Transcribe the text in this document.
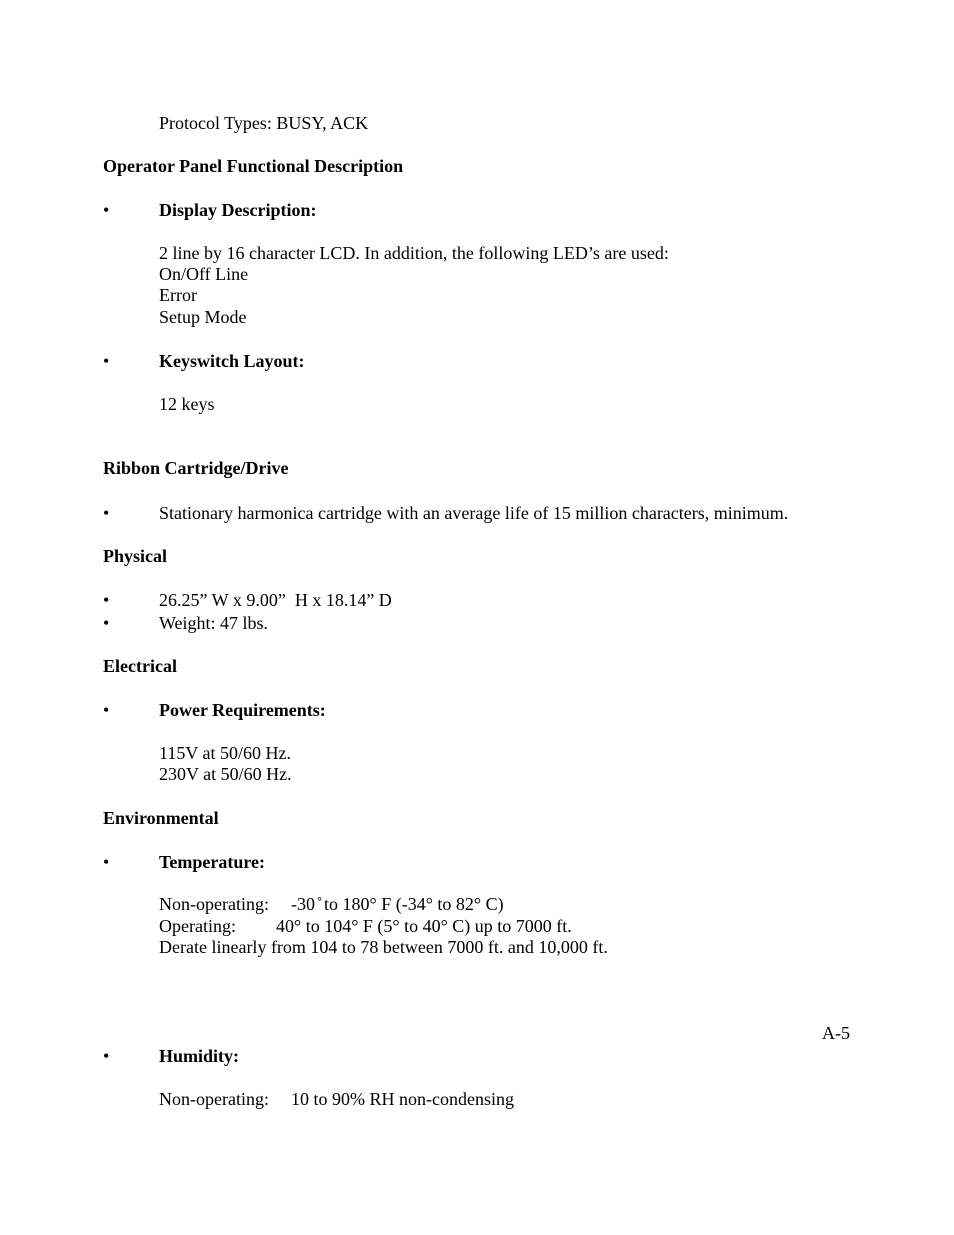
Protocol Types: BUSY, ACK
Operator Panel Functional Description
•	Display Description:
2 line by 16 character LCD. In addition, the following LED’s are used:
On/Off Line
Error
Setup Mode
•	Keyswitch Layout:
12 keys
Ribbon Cartridge/Drive
•	Stationary harmonica cartridge with an average life of 15 million characters, minimum.
Physical
•	26.25” W x 9.00”  H x 18.14” D
•	Weight: 47 lbs.
Electrical
•	Power Requirements:
115V at 50/60 Hz.
230V at 50/60 Hz.
Environmental
•	Temperature:
Non-operating: -30 ̊ to 180° F (-34° to 82° C)
Operating: 40° to 104° F (5° to 40° C) up to 7000 ft.
Derate linearly from 104 to 78 between 7000 ft. and 10,000 ft.
A-5
•	Humidity:
Non-operating: 10 to 90% RH non-condensing
